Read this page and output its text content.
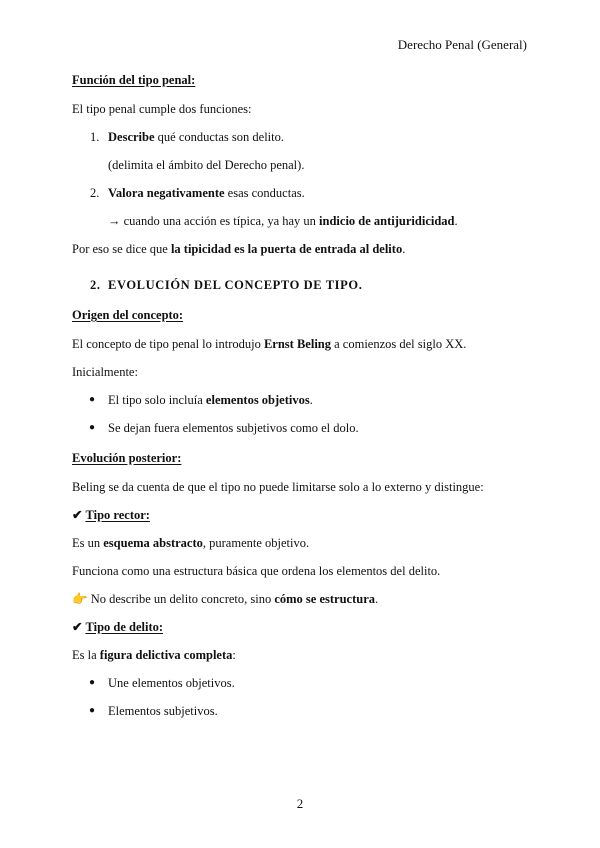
Derecho Penal (General)
Función del tipo penal:
El tipo penal cumple dos funciones:
1. Describe qué conductas son delito.
(delimita el ámbito del Derecho penal).
2. Valora negativamente esas conductas.
→ cuando una acción es típica, ya hay un indicio de antijuridicidad.
Por eso se dice que la tipicidad es la puerta de entrada al delito.
2. EVOLUCIÓN DEL CONCEPTO DE TIPO.
Origen del concepto:
El concepto de tipo penal lo introdujo Ernst Beling a comienzos del siglo XX.
Inicialmente:
● El tipo solo incluía elementos objetivos.
● Se dejan fuera elementos subjetivos como el dolo.
Evolución posterior:
Beling se da cuenta de que el tipo no puede limitarse solo a lo externo y distingue:
✔ Tipo rector:
Es un esquema abstracto, puramente objetivo.
Funciona como una estructura básica que ordena los elementos del delito.
👉 No describe un delito concreto, sino cómo se estructura.
✔ Tipo de delito:
Es la figura delictiva completa:
● Une elementos objetivos.
● Elementos subjetivos.
2
